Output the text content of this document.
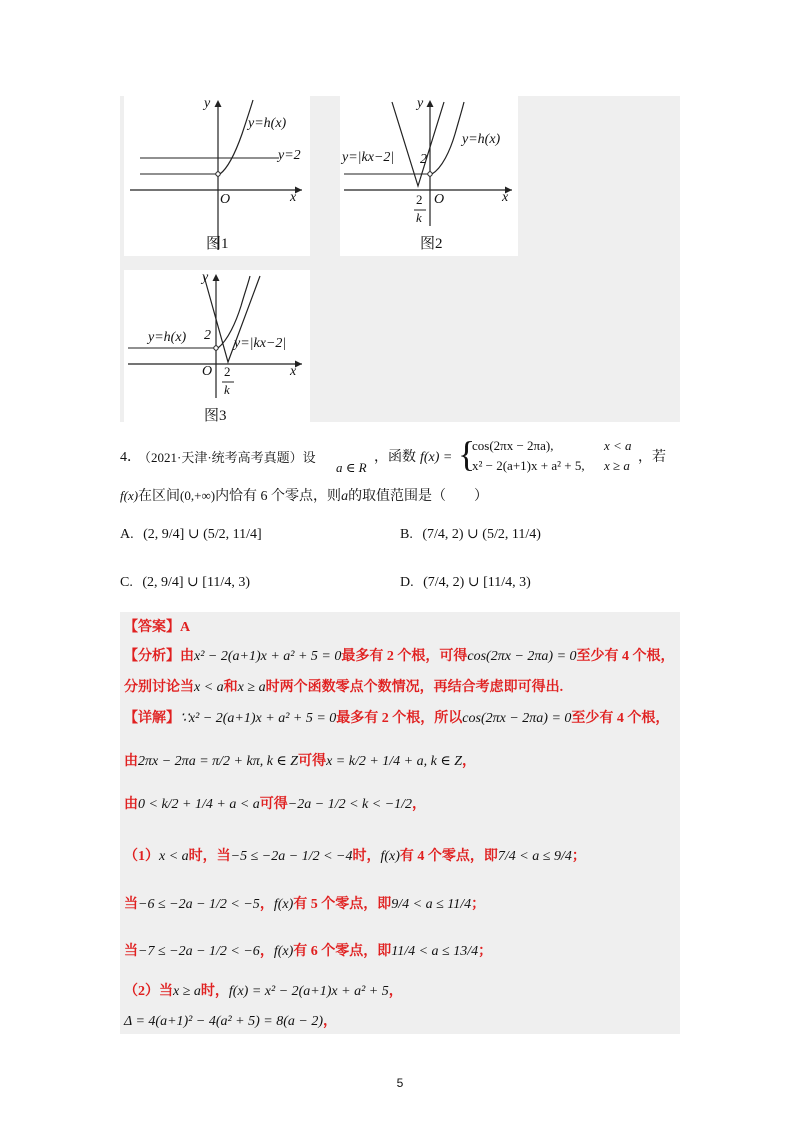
y
y=h(x)
y=2
O	x
图1
y
y=|kx−2| 2
y=h(x)
2
k
O	x
图2
y
y=h(x) 2
y=|kx−2|
O 2
k
x
图3
4．
（2021·天津·统考高考真题）设
a ∈ R
，函数 f(x) = {
cos(2πx − 2πa),	x < a
x² − 2(a+1)x + a² + 5, x ≥ a
，若
f(x)在区间(0,+∞)内恰有 6 个零点，则a的取值范围是（　　）
A. (2, 9/4] ∪ (5/2, 11/4]	B. (7/4, 2) ∪ (5/2, 11/4)
C. (2, 9/4] ∪ [11/4, 3)	D. (7/4, 2) ∪ [11/4, 3)
【答案】A
【分析】由x² − 2(a+1)x + a² + 5 = 0最多有 2 个根，可得cos(2πx − 2πa) = 0至少有 4 个根，
分别讨论当x < a和x ≥ a时两个函数零点个数情况，再结合考虑即可得出.
【详解】∵x² − 2(a+1)x + a² + 5 = 0最多有 2 个根，所以cos(2πx − 2πa) = 0至少有 4 个根，
由2πx − 2πa = π/2 + kπ, k ∈ Z可得x = k/2 + 1/4 + a, k ∈ Z，
由0 < k/2 + 1/4 + a < a可得−2a − 1/2 < k < −1/2，
（1）x < a时，当−5 ≤ −2a − 1/2 < −4时，f(x)有 4 个零点，即7/4 < a ≤ 9/4；
当−6 ≤ −2a − 1/2 < −5，f(x)有 5 个零点，即9/4 < a ≤ 11/4；
当−7 ≤ −2a − 1/2 < −6，f(x)有 6 个零点，即11/4 < a ≤ 13/4；
（2）当x ≥ a时，f(x) = x² − 2(a+1)x + a² + 5，
Δ = 4(a+1)² − 4(a² + 5) = 8(a − 2)，
5
